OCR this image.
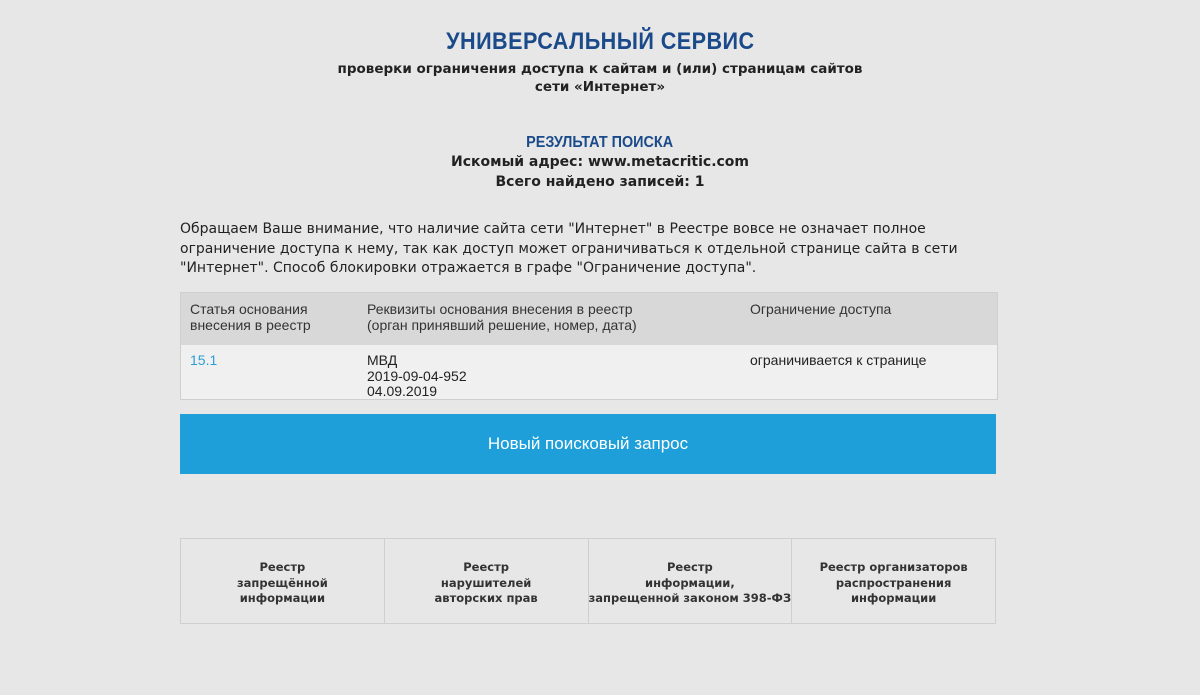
УНИВЕРСАЛЬНЫЙ СЕРВИС
проверки ограничения доступа к сайтам и (или) страницам сайтов
сети «Интернет»
РЕЗУЛЬТАТ ПОИСКА
Искомый адрес: www.metacritic.com
Всего найдено записей: 1
Обращаем Ваше внимание, что наличие сайта сети "Интернет" в Реестре вовсе не означает полное ограничение доступа к нему, так как доступ может ограничиваться к отдельной странице сайта в сети "Интернет". Способ блокировки отражается в графе "Ограничение доступа".
Статья основания
внесения в реестр
Реквизиты основания внесения в реестр
(орган принявший решение, номер, дата)
Ограничение доступа
15.1	МВД
2019-09-04-952
04.09.2019
ограничивается к странице
Новый поисковый запрос
Реестр
запрещённой
информации
Реестр
нарушителей
авторских прав
Реестр
информации,
запрещенной законом 398-ФЗ
Реестр организаторов
распространения информации
